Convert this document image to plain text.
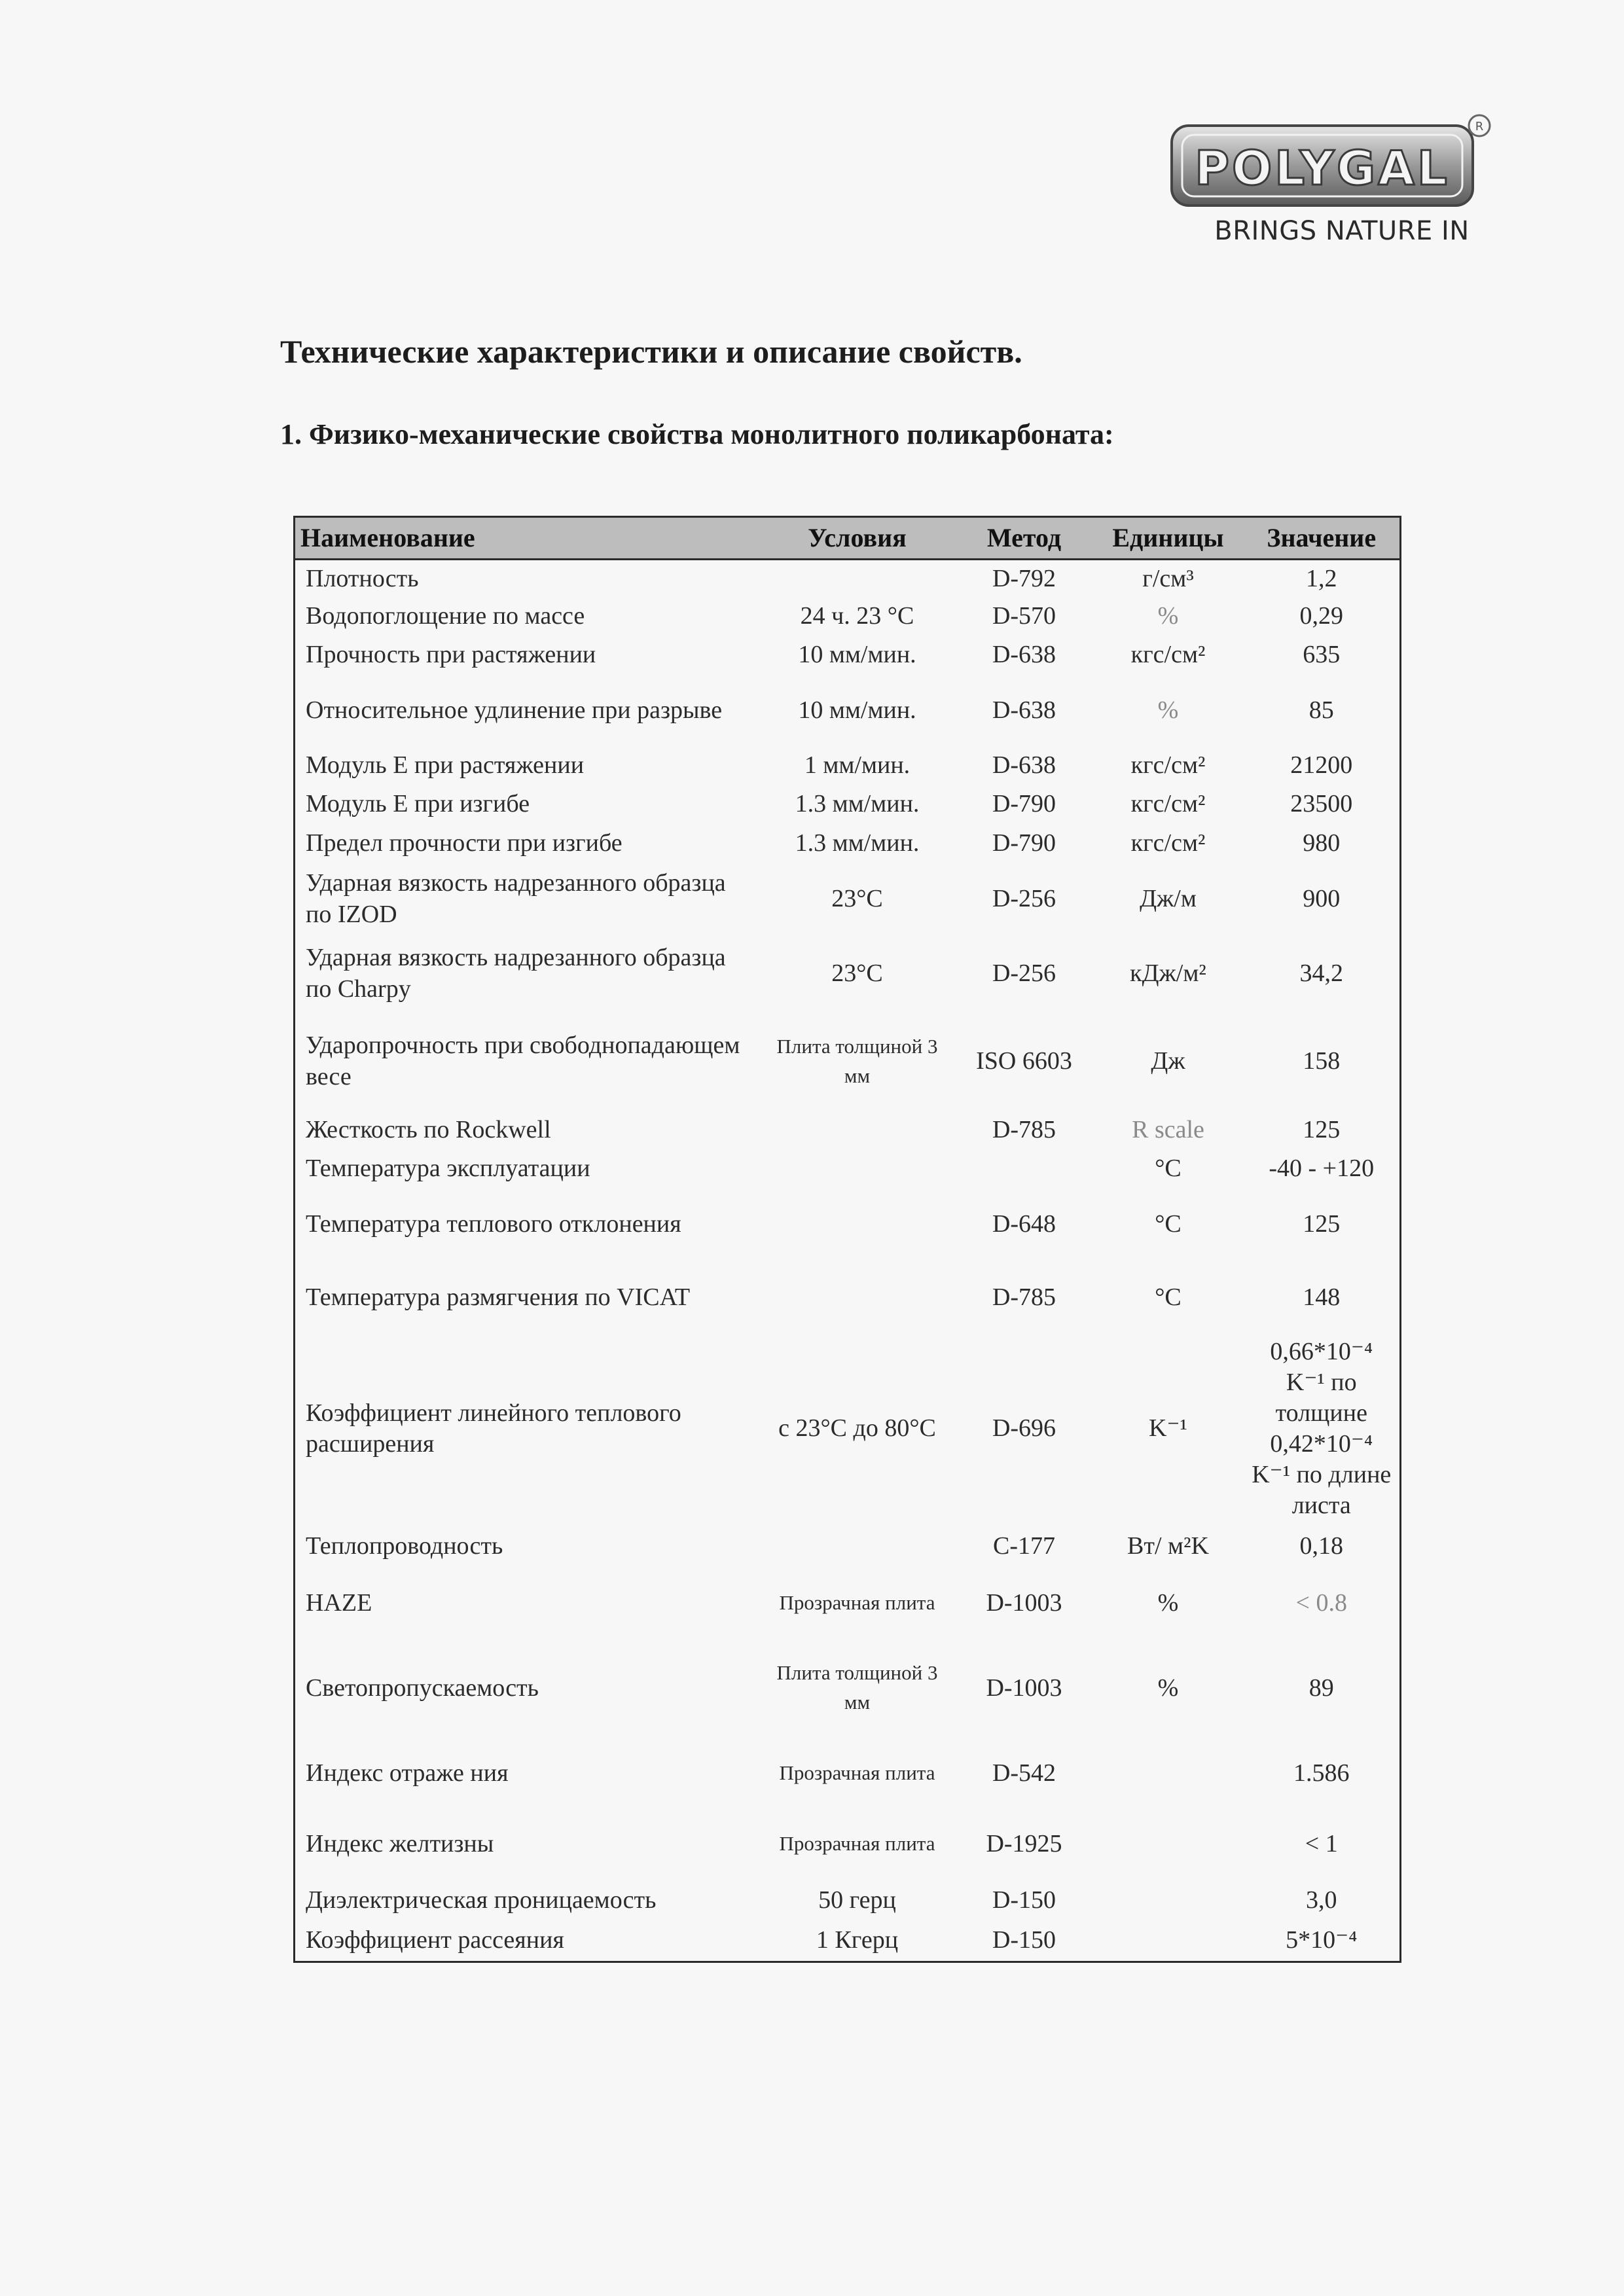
POLYGAL
R
BRINGS NATURE IN
Технические характеристики и описание свойств.
1. Физико-механические свойства монолитного поликарбоната:
Наименование	Условия	Метод	Единицы	Значение
Плотность		D-792	г/см³	1,2
Водопоглощение по массе	24 ч. 23 °C	D-570	%	0,29
Прочность при растяжении	10 мм/мин.	D-638	кгс/см²	635
Относительное удлинение при разрыве	10 мм/мин.	D-638	%	85
Модуль E при растяжении	1 мм/мин.	D-638	кгс/см²	21200
Модуль E при изгибе	1.3 мм/мин.	D-790	кгс/см²	23500
Предел прочности при изгибе	1.3 мм/мин.	D-790	кгс/см²	980
Ударная вязкость надрезанного образца по IZOD	23°C	D-256	Дж/м	900
Ударная вязкость надрезанного образца по Charpy	23°C	D-256	кДж/м²	34,2
Ударопрочность при свободнопадающем весе	Плита толщиной 3 мм	ISO 6603	Дж	158
Жесткость по Rockwell		D-785	R scale	125
Температура эксплуатации			°C	-40 - +120
Температура теплового отклонения		D-648	°C	125
Температура размягчения по VICAT		D-785	°C	148
Коэффициент линейного теплового расширения	с 23°C до 80°C	D-696	K⁻¹	0,66*10⁻⁴ K⁻¹ по толщине 0,42*10⁻⁴ K⁻¹ по длине листа
Теплопроводность		C-177	Вт/ м²K	0,18
HAZE	Прозрачная плита	D-1003	%	< 0.8
Светопропускаемость	Плита толщиной 3 мм	D-1003	%	89
Индекс отраже ния	Прозрачная плита	D-542		1.586
Индекс желтизны	Прозрачная плита	D-1925		< 1
Диэлектрическая проницаемость	50 герц	D-150		3,0
Коэффициент рассеяния	1 Кгерц	D-150		5*10⁻⁴
